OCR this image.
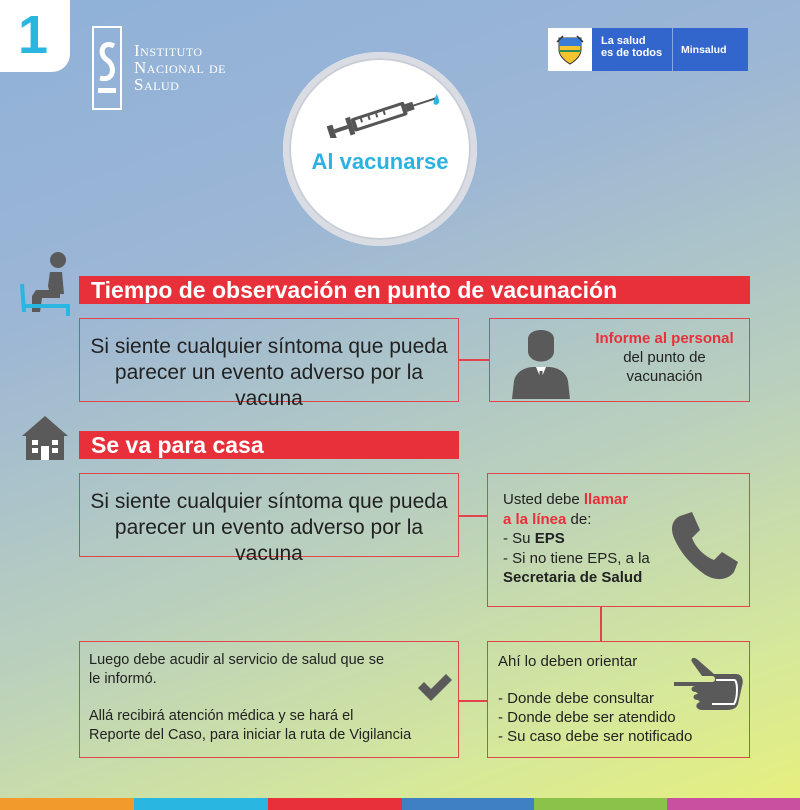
1	Instituto
Nacional de
Salud
La salud
es de todos	Minsalud
Al vacunarse
Tiempo de observación en punto de vacunación
Si siente cualquier síntoma que pueda
parecer un evento adverso por la vacuna
Informe al personal
del punto de
vacunación
Se va para casa
Si siente cualquier síntoma que pueda
parecer un evento adverso por la vacuna
Usted debe llamar
a la línea de:
- Su EPS
- Si no tiene EPS, a la
Secretaria de Salud
Luego debe acudir al servicio de salud que se
le informó.
Allá recibirá atención médica y se hará el
Reporte del Caso, para iniciar la ruta de Vigilancia
Ahí lo deben orientar
- Donde debe consultar
- Donde debe ser atendido
- Su caso debe ser notificado
